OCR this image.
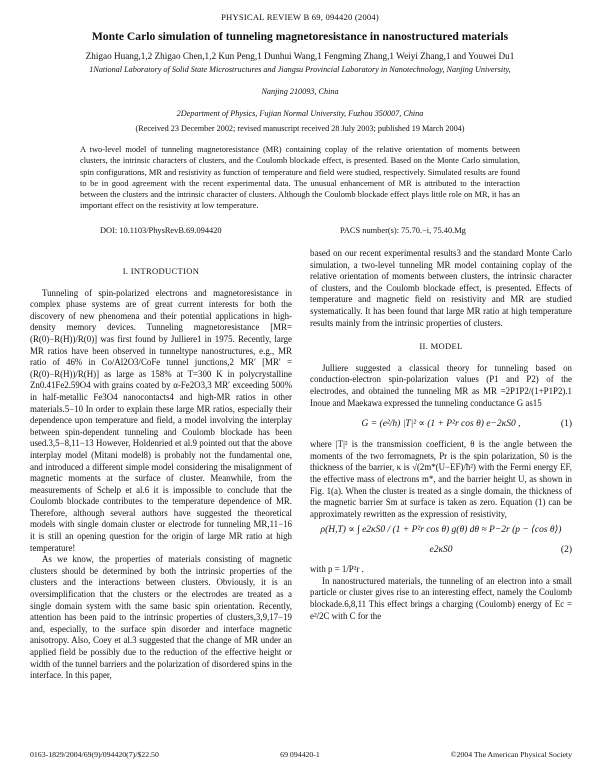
PHYSICAL REVIEW B 69, 094420 (2004)
Monte Carlo simulation of tunneling magnetoresistance in nanostructured materials
Zhigao Huang,1,2 Zhigao Chen,1,2 Kun Peng,1 Dunhui Wang,1 Fengming Zhang,1 Weiyi Zhang,1 and Youwei Du1
1National Laboratory of Solid State Microstructures and Jiangsu Provincial Laboratory in Nanotechnology, Nanjing University,
Nanjing 210093, China
2Department of Physics, Fujian Normal University, Fuzhou 350007, China
(Received 23 December 2002; revised manuscript received 28 July 2003; published 19 March 2004)
A two-level model of tunneling magnetoresistance (MR) containing coplay of the relative orientation of moments between clusters, the intrinsic characters of clusters, and the Coulomb blockade effect, is presented. Based on the Monte Carlo simulation, spin configurations, MR and resistivity as function of temperature and field were studied, respectively. Simulated results are found to be in good agreement with the recent experimental data. The unusual enhancement of MR is attributed to the interaction between the clusters and the intrinsic character of clusters. Although the Coulomb blockade effect plays little role on MR, it has an important effect on the resistivity at low temperature.
DOI: 10.1103/PhysRevB.69.094420	PACS number(s): 75.70.−i, 75.40.Mg
I. INTRODUCTION

Tunneling of spin-polarized electrons and magnetoresistance in complex phase systems are of great current interests for both the discovery of new phenomena and their potential applications in high-density memory devices. Tunneling magnetoresistance [MR=(R(0)−R(H))/R(0)] was first found by Julliere1 in 1975. Recently, large MR ratios have been observed in tunneltype nanostructures, e.g., MR ratio of 46% in Co/Al2O3/CoFe tunnel junctions,2 MR′ [MR′ =(R(0)−R(H))/R(H)] as large as 158% at T=300 K in polycrystalline Zn0.41Fe2.59O4 with grains coated by α-Fe2O3,3 MR′ exceeding 500% in half-metallic Fe3O4 nanocontacts4 and high-MR ratios in other materials.5−10 In order to explain these large MR ratios, especially their dependence upon temperature and field, a model involving the interplay between spin-dependent tunneling and Coulomb blockade has been used.3,5−8,11−13 However, Holdenried et al.9 pointed out that the above interplay model (Mitani model8) is probably not the fundamental one, and introduced a different simple model considering the misalignment of magnetic moments at the surface of cluster. Meanwhile, from the measurements of Schelp et al.6 it is impossible to conclude that the Coulomb blockade contributes to the temperature dependence of MR. Therefore, although several authors have suggested the theoretical models with single domain cluster or electrode for tunneling MR,11−16 it is still an opening question for the origin of large MR ratio at high temperature!

As we know, the properties of materials consisting of magnetic clusters should be determined by both the intrinsic properties of the clusters and the interactions between clusters. Obviously, it is an oversimplification that the clusters or the electrodes are treated as a single domain system with the same basic spin orientation. Recently, attention has been paid to the intrinsic properties of clusters,3,9,17−19 and, especially, to the surface spin disorder and interface magnetic anisotropy. Also, Coey et al.3 suggested that the change of MR under an applied field be possibly due to the reduction of the effective height or width of the tunnel barriers and the polarization of disordered spins in the interface. In this paper,

based on our recent experimental results3 and the standard Monte Carlo simulation, a two-level tunneling MR model containing coplay of the relative orientation of moments between clusters, the intrinsic character of clusters, and the Coulomb blockade effect, is presented. Effects of temperature and magnetic field on resistivity and MR are studied systematically. It has been found that large MR ratio at high temperature results mainly from the intrinsic properties of clusters.

II. MODEL

Julliere suggested a classical theory for tunneling based on conduction-electron spin-polarization values (P1 and P2) of the electrodes, and obtained the tunneling MR as MR =2P1P2/(1+P1P2).1 Inoue and Maekawa expressed the tunneling conductance G as15

G = (e²/h) |T|² ∝ (1 + P²r cos θ) e−2κS0 ,	(1)

where |T|² is the transmission coefficient, θ is the angle between the moments of the two ferromagnets, Pr is the spin polarization, S0 is the thickness of the barrier, κ is √(2m*(U−EF)/ħ²) with the Fermi energy EF, the effective mass of electrons m*, and the barrier height U, as shown in Fig. 1(a). When the cluster is treated as a single domain, the thickness of the magnetic barrier Sm at surface is taken as zero. Equation (1) can be approximately rewritten as the expression of resistivity,

ρ(H,T) ∝ ∫ e2κS0 / (1 + P²r cos θ) g(θ) dθ ≈ P−2r (p − ⟨cos θ⟩) e2κS0	(2)

with p = 1/P²r .

In nanostructured materials, the tunneling of an electron into a small particle or cluster gives rise to an interesting effect, namely the Coulomb blockade.6,8,11 This effect brings a charging (Coulomb) energy of Ec = e²/2C with C for the

0163-1829/2004/69(9)/094420(7)/$22.50	69 094420-1	©2004 The American Physical Society
